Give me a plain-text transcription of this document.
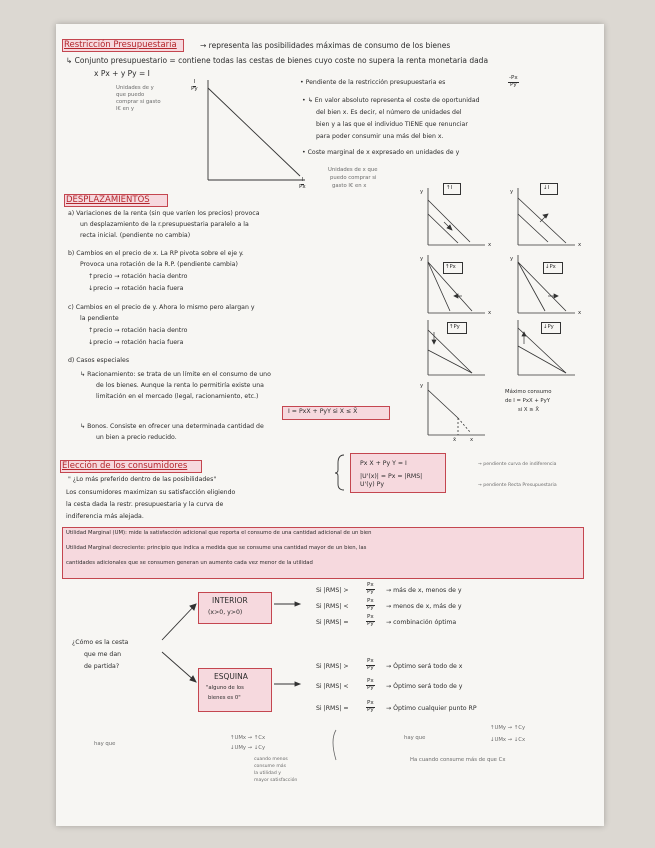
Restricción Presupuestaria	→ representa las posibilidades máximas de consumo de los bienes
↳ Conjunto presupuestario = contiene todas las cestas de bienes cuyo coste no supera la renta monetaria dada
x Px + y Py = I
Unidades de y
que puedo
comprar si gasto
I€ en y
$\frac{I}{Py}$
$\frac{I}{Px}$
Unidades de x que
puedo comprar si
gasto I€ en x
• Pendiente de la restricción presupuestaria es	$\frac{-Px}{Py}$
• ↳ En valor absoluto representa el coste de oportunidad
del bien x. Es decir, el número de unidades del
bien y a las que el individuo TIENE que renunciar
para poder consumir una más del bien x.
• Coste marginal de x expresado en unidades de y
DESPLAZAMIENTOS
a) Variaciones de la renta (sin que varíen los precios) provoca
un desplazamiento de la r.presupuestaria paralelo a la
recta inicial. (pendiente no cambia)
b) Cambios en el precio de x. La RP pivota sobre el eje y.
Provoca una rotación de la R.P. (pendiente cambia)
↑precio → rotación hacia dentro
↓precio → rotación hacia fuera
c) Cambios en el precio de y. Ahora lo mismo pero alargan y
la pendiente
↑precio → rotación hacia dentro
↓precio → rotación hacia fuera
d) Casos especiales
↳ Racionamiento: se trata de un límite en el consumo de uno
de los bienes. Aunque la renta lo permitiría existe una
limitación en el mercado (legal, racionamiento, etc.)
I = PxX + PyY si X ≤ X̄
↳ Bonos. Consiste en ofrecer una determinada cantidad de
un bien a precio reducido.
↑I	↓I
↑Px	↓Px
↑Py	↓Py
y
x
y
x
y
x
y
x
y
x̄	x
Máximo consumo
de I = PxX + PyY
si X ≥ X̄
Elección de los consumidores
" ¿Lo más preferido dentro de las posibilidades"
Los consumidores maximizan su satisfacción eligiendo
la cesta dada la restr. presupuestaria y la curva de
indiferencia más alejada.
Px X + Py Y = I
|U'(x)| = Px = |RMS|
U'(y) Py
→ pendiente curva de indiferencia
→ pendiente Recta Presupuestaria
Utilidad Marginal (UM): mide la satisfacción adicional que reporta el consumo de una cantidad adicional de un bien
Utilidad Marginal decreciente: principio que indica a medida que se consume una cantidad mayor de un bien, las
cantidades adicionales que se consumen generan un aumento cada vez menor de la utilidad
¿Cómo es la cesta
que me dan
de partida?
INTERIOR
(x>0, y>0)
ESQUINA
"alguno de los
bienes es 0"
Si |RMS| >	$\frac{Px}{Py}$ → más de x, menos de y
Si |RMS| <	$\frac{Px}{Py}$ → menos de x, más de y
Si |RMS| =	$\frac{Px}{Py}$ → combinación óptima
Si |RMS| >	$\frac{Px}{Py}$ → Óptimo será todo de x
Si |RMS| <	$\frac{Px}{Py}$ → Óptimo será todo de y
Si |RMS| =	$\frac{Px}{Py}$ → Óptimo cualquier punto RP
hay que
↑UMx → ↑Cx
↓UMy → ↓Cy
cuando menos
consume más
la utilidad y
mayor satisfacción
hay que
↑UMy → ↑Cy
↓UMx → ↓Cx
Ha cuando consume más de que Cx
